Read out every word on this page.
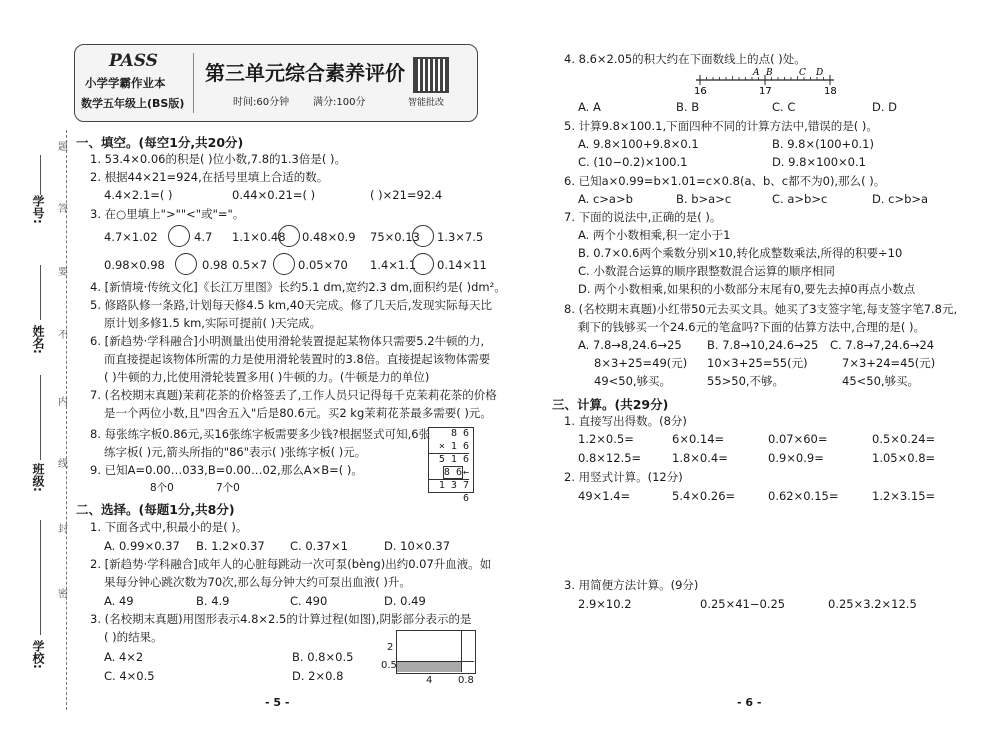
学号:
姓名:
班级:
学校:
题
答
要
不
内
线
封
密
PASS
小学学霸作业本
数学五年级上(BS版)
第三单元综合素养评价
时间:60分钟 满分:100分	智能批改
一、填空。(每空1分,共20分)
1. 53.4×0.06的积是( )位小数,7.8的1.3倍是( )。
2. 根据44×21=924,在括号里填上合适的数。
4.4×2.1=( )	0.44×0.21=( )	( )×21=92.4
3. 在○里填上">""<"或"="。
4.7×1.02	4.7 1.1×0.48 0.48×0.9 75×0.13 1.3×7.5
0.98×0.98	0.98 0.5×7	0.05×70 1.4×1.1 0.14×11
4. [新情境·传统文化]《长江万里图》长约5.1 dm,宽约2.3 dm,面积约是( )dm²。
5. 修路队修一条路,计划每天修4.5 km,40天完成。修了几天后,发现实际每天比
原计划多修1.5 km,实际可提前( )天完成。
6. [新趋势·学科融合]小明测量出使用滑轮装置提起某物体只需要5.2牛顿的力,
而直接提起该物体所需的力是使用滑轮装置时的3.8倍。直接提起该物体需要
( )牛顿的力,比使用滑轮装置多用( )牛顿的力。(牛顿是力的单位)
7. (名校期末真题)茉莉花茶的价格签丢了,工作人员只记得每千克茉莉花茶的价格
是一个两位小数,且"四舍五入"后是80.6元。买2 kg茉莉花茶最多需要( )元。
8. 每张练字板0.86元,买16张练字板需要多少钱?根据竖式可知,6张
练字板( )元,箭头所指的"86"表示( )张练字板( )元。
9. 已知A=0.00…033,B=0.00…02,那么A×B=( )。
8个0	7个0
8 6
× 1 6
5 1 6
8 6←
1 3 7 6
二、选择。(每题1分,共8分)
1. 下面各式中,积最小的是( )。
A. 0.99×0.37 B. 1.2×0.37 C. 0.37×1	D. 10×0.37
2. [新趋势·学科融合]成年人的心脏每跳动一次可泵(bèng)出约0.07升血液。如
果每分钟心跳次数为70次,那么每分钟大约可泵出血液( )升。
A. 49	B. 4.9	C. 490	D. 0.49
3. (名校期末真题)用图形表示4.8×2.5的计算过程(如图),阴影部分表示的是
( )的结果。
A. 4×2	B. 0.8×0.5
C. 4×0.5	D. 2×0.8
2
0.5
4	0.8
- 5 -
4. 8.6×2.05的积大约在下面数线上的点( )处。
A B	C D
16	17	18
A. A	B. B	C. C	D. D
5. 计算9.8×100.1,下面四种不同的计算方法中,错误的是( )。
A. 9.8×100+9.8×0.1	B. 9.8×(100+0.1)
C. (10−0.2)×100.1	D. 9.8×100×0.1
6. 已知a×0.99=b×1.01=c×0.8(a、b、c都不为0),那么( )。
A. c>a>b	B. b>a>c	C. a>b>c	D. c>b>a
7. 下面的说法中,正确的是( )。
A. 两个小数相乘,积一定小于1
B. 0.7×0.6两个乘数分别×10,转化成整数乘法,所得的积要÷10
C. 小数混合运算的顺序跟整数混合运算的顺序相同
D. 两个小数相乘,如果积的小数部分末尾有0,要先去掉0再点小数点
8. (名校期末真题)小红带50元去买文具。她买了3支签字笔,每支签字笔7.8元,
剩下的钱够买一个24.6元的笔盒吗?下面的估算方法中,合理的是( )。
A. 7.8→8,24.6→25 B. 7.8→10,24.6→25 C. 7.8→7,24.6→24
8×3+25=49(元) 10×3+25=55(元)	7×3+24=45(元)
49<50,够买。	55>50,不够。	45<50,够买。
三、计算。(共29分)
1. 直接写出得数。(8分)
1.2×0.5=	6×0.14=	0.07×60=	0.5×0.24=
0.8×12.5=	1.8×0.4=	0.9×0.9=	1.05×0.8=
2. 用竖式计算。(12分)
49×1.4=	5.4×0.26=	0.62×0.15=	1.2×3.15=
3. 用简便方法计算。(9分)
2.9×10.2	0.25×41−0.25	0.25×3.2×12.5
- 6 -
